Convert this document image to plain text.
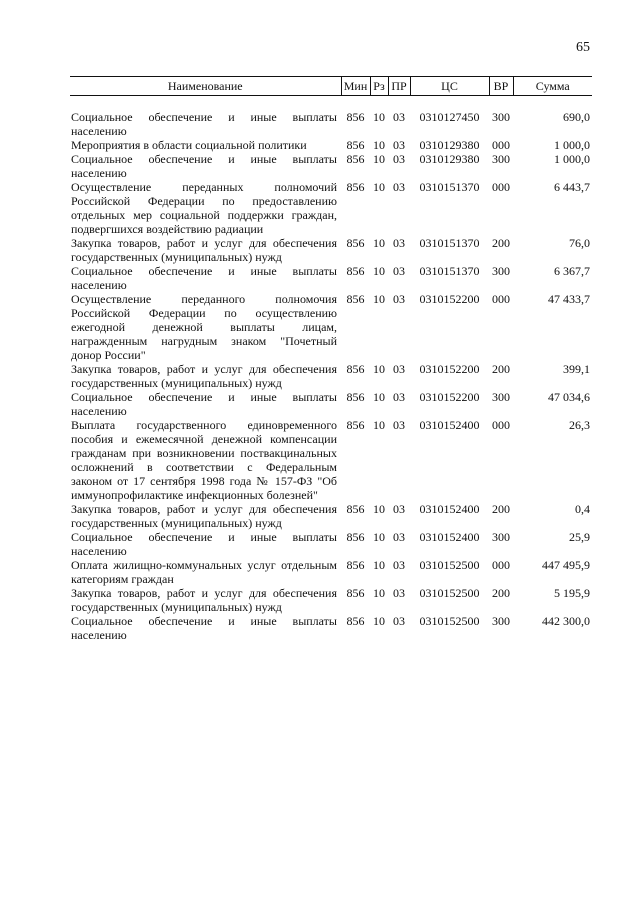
65
Наименование	Мин	Рз	ПР	ЦС	ВР	Сумма

Социальное обеспечение и иные выплаты населению	856	10	03	0310127450	300	690,0
Мероприятия в области социальной политики	856	10	03	0310129380	000	1 000,0
Социальное обеспечение и иные выплаты населению	856	10	03	0310129380	300	1 000,0
Осуществление переданных полномочий Российской Федерации по предоставлению отдельных мер социальной поддержки граждан, подвергшихся воздействию радиации	856	10	03	0310151370	000	6 443,7
Закупка товаров, работ и услуг для обеспечения государственных (муниципальных) нужд	856	10	03	0310151370	200	76,0
Социальное обеспечение и иные выплаты населению	856	10	03	0310151370	300	6 367,7
Осуществление переданного полномочия Российской Федерации по осуществлению ежегодной денежной выплаты лицам, награжденным нагрудным знаком "Почетный донор России"	856	10	03	0310152200	000	47 433,7
Закупка товаров, работ и услуг для обеспечения государственных (муниципальных) нужд	856	10	03	0310152200	200	399,1
Социальное обеспечение и иные выплаты населению	856	10	03	0310152200	300	47 034,6
Выплата государственного единовременного пособия и ежемесячной денежной компенсации гражданам при возникновении поствакцинальных осложнений в соответствии с Федеральным законом от 17 сентября 1998 года № 157-ФЗ "Об иммунопрофилактике инфекционных болезней"	856	10	03	0310152400	000	26,3
Закупка товаров, работ и услуг для обеспечения государственных (муниципальных) нужд	856	10	03	0310152400	200	0,4
Социальное обеспечение и иные выплаты населению	856	10	03	0310152400	300	25,9
Оплата жилищно-коммунальных услуг отдельным категориям граждан	856	10	03	0310152500	000	447 495,9
Закупка товаров, работ и услуг для обеспечения государственных (муниципальных) нужд	856	10	03	0310152500	200	5 195,9
Социальное обеспечение и иные выплаты населению	856	10	03	0310152500	300	442 300,0
